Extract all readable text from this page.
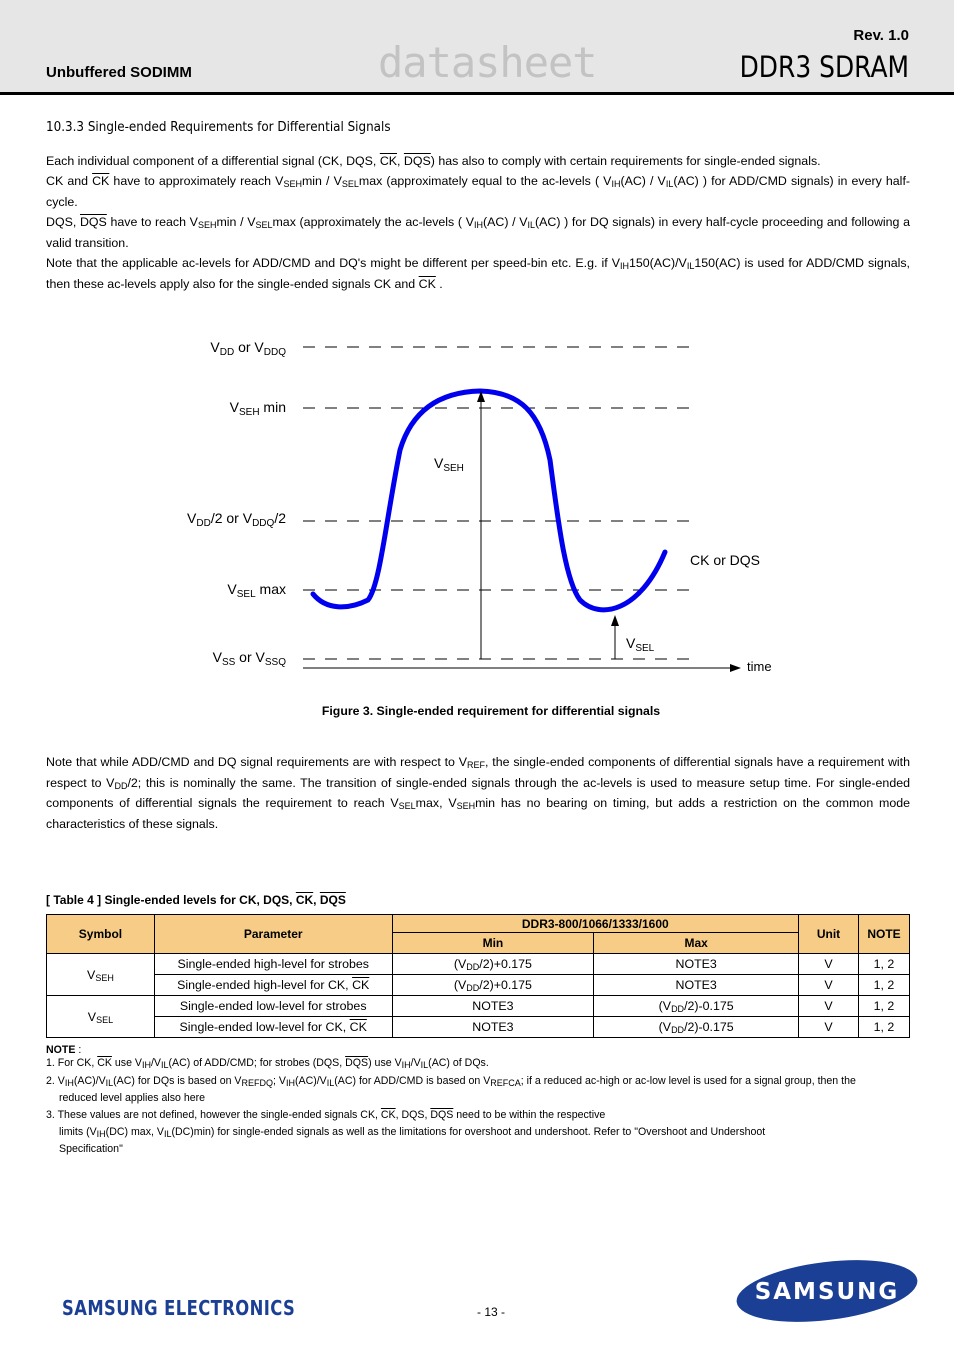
Unbuffered SODIMM	datasheet
Rev. 1.0
DDR3 SDRAM
10.3.3 Single-ended Requirements for Differential Signals
Each individual component of a differential signal (CK, DQS, $\overline{CK}$, $\overline{DQS}$) has also to comply with certain requirements for single-ended signals.
CK and $\overline{CK}$ have to approximately reach $V_{SEH}\min / V_{SEL}\max$ (approximately equal to the ac-levels ( $V_{IH}(AC) / V_{IL}(AC)$ ) for ADD/CMD signals) in every half-cycle.
DQS, $\overline{DQS}$ have to reach $V_{SEH}\min / V_{SEL}\max$ (approximately the ac-levels ( $V_{IH}(AC) / V_{IL}(AC)$ ) for DQ signals) in every half-cycle proceeding and following a valid transition.
Note that the applicable ac-levels for ADD/CMD and DQ's might be different per speed-bin etc. E.g. if $V_{IH}150(AC)/V_{IL}150(AC)$ is used for ADD/CMD signals, then these ac-levels apply also for the single-ended signals CK and $\overline{CK}$ .
$V_{DD}$ or $V_{DDQ}$
$V_{SEH}$ min
$V_{DD}/2$ or $V_{DDQ}/2$
$V_{SEL}$ max
$V_{SS}$ or $V_{SSQ}$
$V_{SEH}$
$V_{SEL}$
CK or DQS
time
Figure 3. Single-ended requirement for differential signals
Note that while ADD/CMD and DQ signal requirements are with respect to $V_{REF}$, the single-ended components of differential signals have a requirement with respect to $V_{DD}/2$; this is nominally the same. The transition of single-ended signals through the ac-levels is used to measure setup time. For single-ended components of differential signals the requirement to reach $V_{SEL}\max$, $V_{SEH}\min$ has no bearing on timing, but adds a restriction on the common mode characteristics of these signals.
[ Table 4 ] Single-ended levels for CK, DQS, $\overline{CK}$, $\overline{DQS}$
Symbol	Parameter	DDR3-800/1066/1333/1600		Unit	NOTE
		Min	Max		
$V_{SEH}$	Single-ended high-level for strobes	$(V_{DD}/2)+0.175$	NOTE3	V	1, 2
	Single-ended high-level for CK, $\overline{CK}$	$(V_{DD}/2)+0.175$	NOTE3	V	1, 2
$V_{SEL}$	Single-ended low-level for strobes	NOTE3	$(V_{DD}/2)-0.175$	V	1, 2
	Single-ended low-level for CK, $\overline{CK}$	NOTE3	$(V_{DD}/2)-0.175$	V	1, 2
NOTE :
1. For CK, $\overline{CK}$ use $V_{IH}/V_{IL}(AC)$ of ADD/CMD; for strobes (DQS, $\overline{DQS}$) use $V_{IH}/V_{IL}(AC)$ of DQs.
2. $V_{IH}(AC)/V_{IL}(AC)$ for DQs is based on $V_{REFDQ}$; $V_{IH}(AC)/V_{IL}(AC)$ for ADD/CMD is based on $V_{REFCA}$; if a reduced ac-high or ac-low level is used for a signal group, then the
reduced level applies also here
3. These values are not defined, however the single-ended signals CK, $\overline{CK}$, DQS, $\overline{DQS}$ need to be within the respective
limits ($V_{IH}(DC)$ max, $V_{IL}(DC)\min$) for single-ended signals as well as the limitations for overshoot and undershoot. Refer to "Overshoot and Undershoot
Specification"
SAMSUNG ELECTRONICS	- 13 -
SAMSUNG
